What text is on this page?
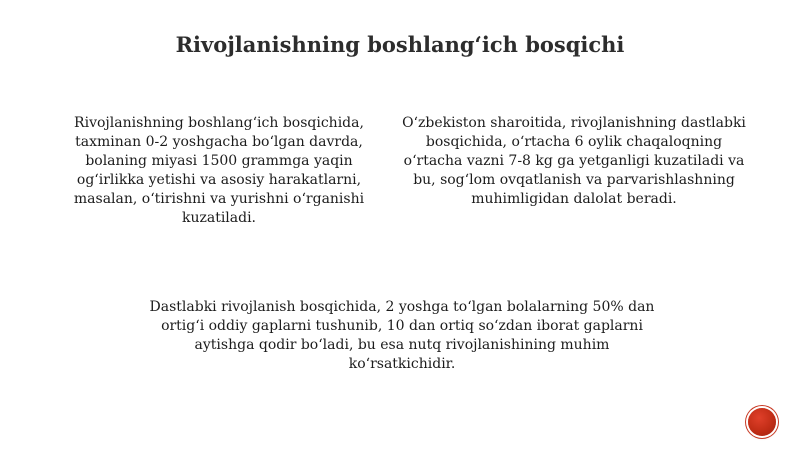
Rivojlanishning boshlang‘ich bosqichi

Rivojlanishning boshlang‘ich bosqichida, taxminan 0-2 yoshgacha bo‘lgan davrda, bolaning miyasi 1500 grammga yaqin og‘irlikka yetishi va asosiy harakatlarni, masalan, o‘tirishni va yurishni o‘rganishi kuzatiladi.

O‘zbekiston sharoitida, rivojlanishning dastlabki bosqichida, o‘rtacha 6 oylik chaqaloqning o‘rtacha vazni 7-8 kg ga yetganligi kuzatiladi va bu, sog‘lom ovqatlanish va parvarishlashning muhimligidan dalolat beradi.

Dastlabki rivojlanish bosqichida, 2 yoshga to‘lgan bolalarning 50% dan ortig‘i oddiy gaplarni tushunib, 10 dan ortiq so‘zdan iborat gaplarni aytishga qodir bo‘ladi, bu esa nutq rivojlanishining muhim ko‘rsatkichidir.
